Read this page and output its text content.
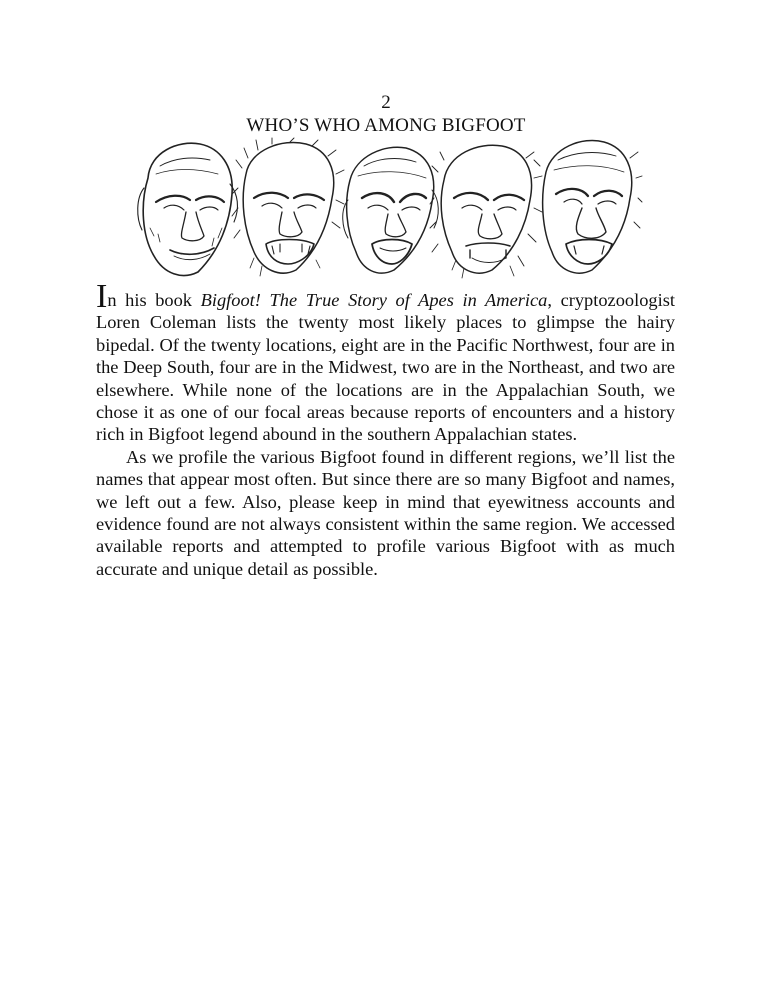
2
WHO’S WHO AMONG BIGFOOT

In his book Bigfoot! The True Story of Apes in America, cryptozoologist Loren Coleman lists the twenty most likely places to glimpse the hairy bipedal. Of the twenty locations, eight are in the Pacific Northwest, four are in the Deep South, four are in the Midwest, two are in the Northeast, and two are elsewhere. While none of the locations are in the Appalachian South, we chose it as one of our focal areas because reports of encounters and a history rich in Bigfoot legend abound in the southern Appalachian states.

As we profile the various Bigfoot found in different regions, we’ll list the names that appear most often. But since there are so many Bigfoot and names, we left out a few. Also, please keep in mind that eyewitness accounts and evidence found are not always consistent within the same region. We accessed available reports and attempted to profile various Bigfoot with as much accurate and unique detail as possible.
